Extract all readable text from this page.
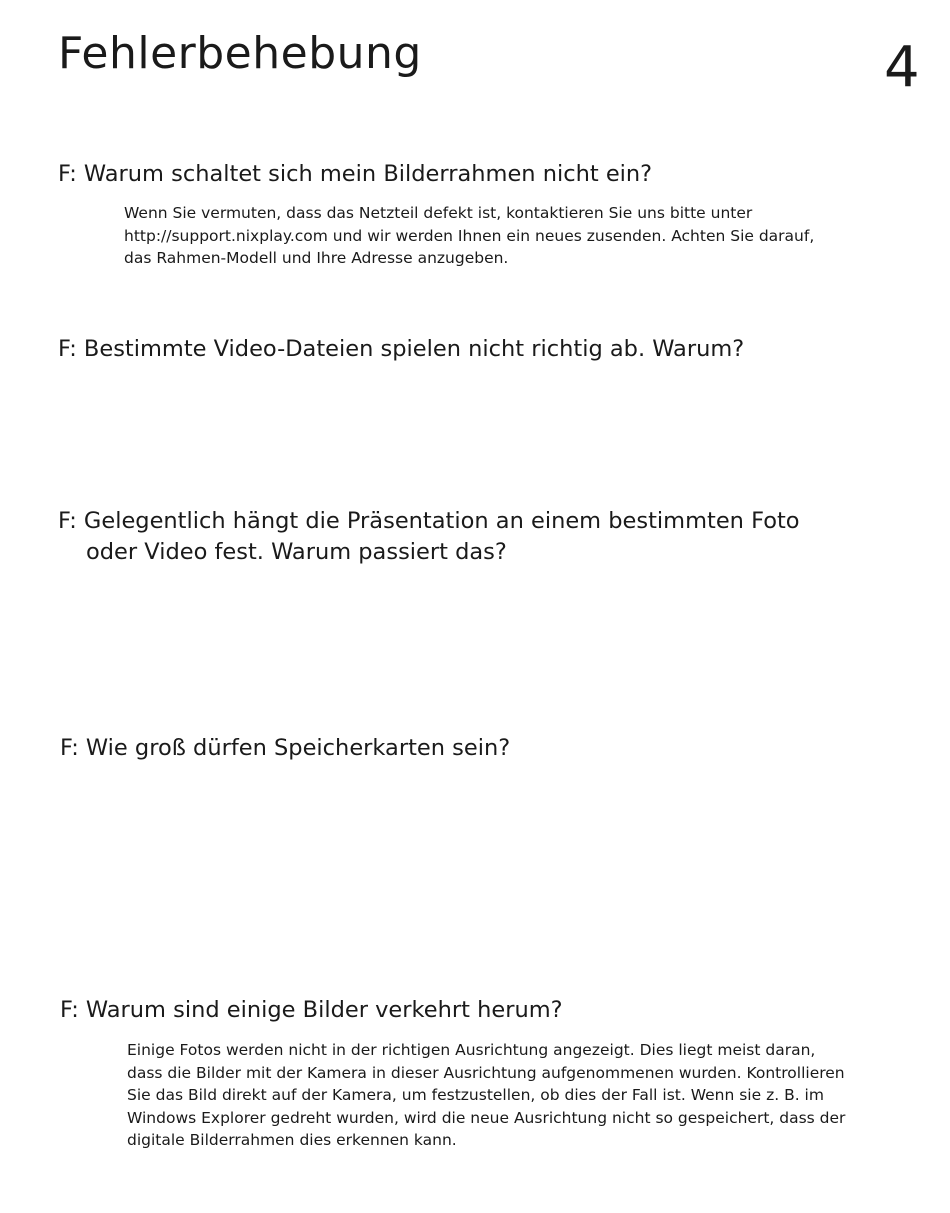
Fehlerbehebung	4
F: Warum schaltet sich mein Bilderrahmen nicht ein?
Wenn Sie vermuten, dass das Netzteil defekt ist, kontaktieren Sie uns bitte unter
http://support.nixplay.com und wir werden Ihnen ein neues zusenden. Achten Sie darauf,
das Rahmen-Modell und Ihre Adresse anzugeben.
F: Bestimmte Video-Dateien spielen nicht richtig ab. Warum?
F: Gelegentlich hängt die Präsentation an einem bestimmten Foto
oder Video fest. Warum passiert das?
F: Wie groß dürfen Speicherkarten sein?
F: Warum sind einige Bilder verkehrt herum?
Einige Fotos werden nicht in der richtigen Ausrichtung angezeigt. Dies liegt meist daran,
dass die Bilder mit der Kamera in dieser Ausrichtung aufgenommenen wurden. Kontrollieren
Sie das Bild direkt auf der Kamera, um festzustellen, ob dies der Fall ist. Wenn sie z. B. im
Windows Explorer gedreht wurden, wird die neue Ausrichtung nicht so gespeichert, dass der
digitale Bilderrahmen dies erkennen kann.
